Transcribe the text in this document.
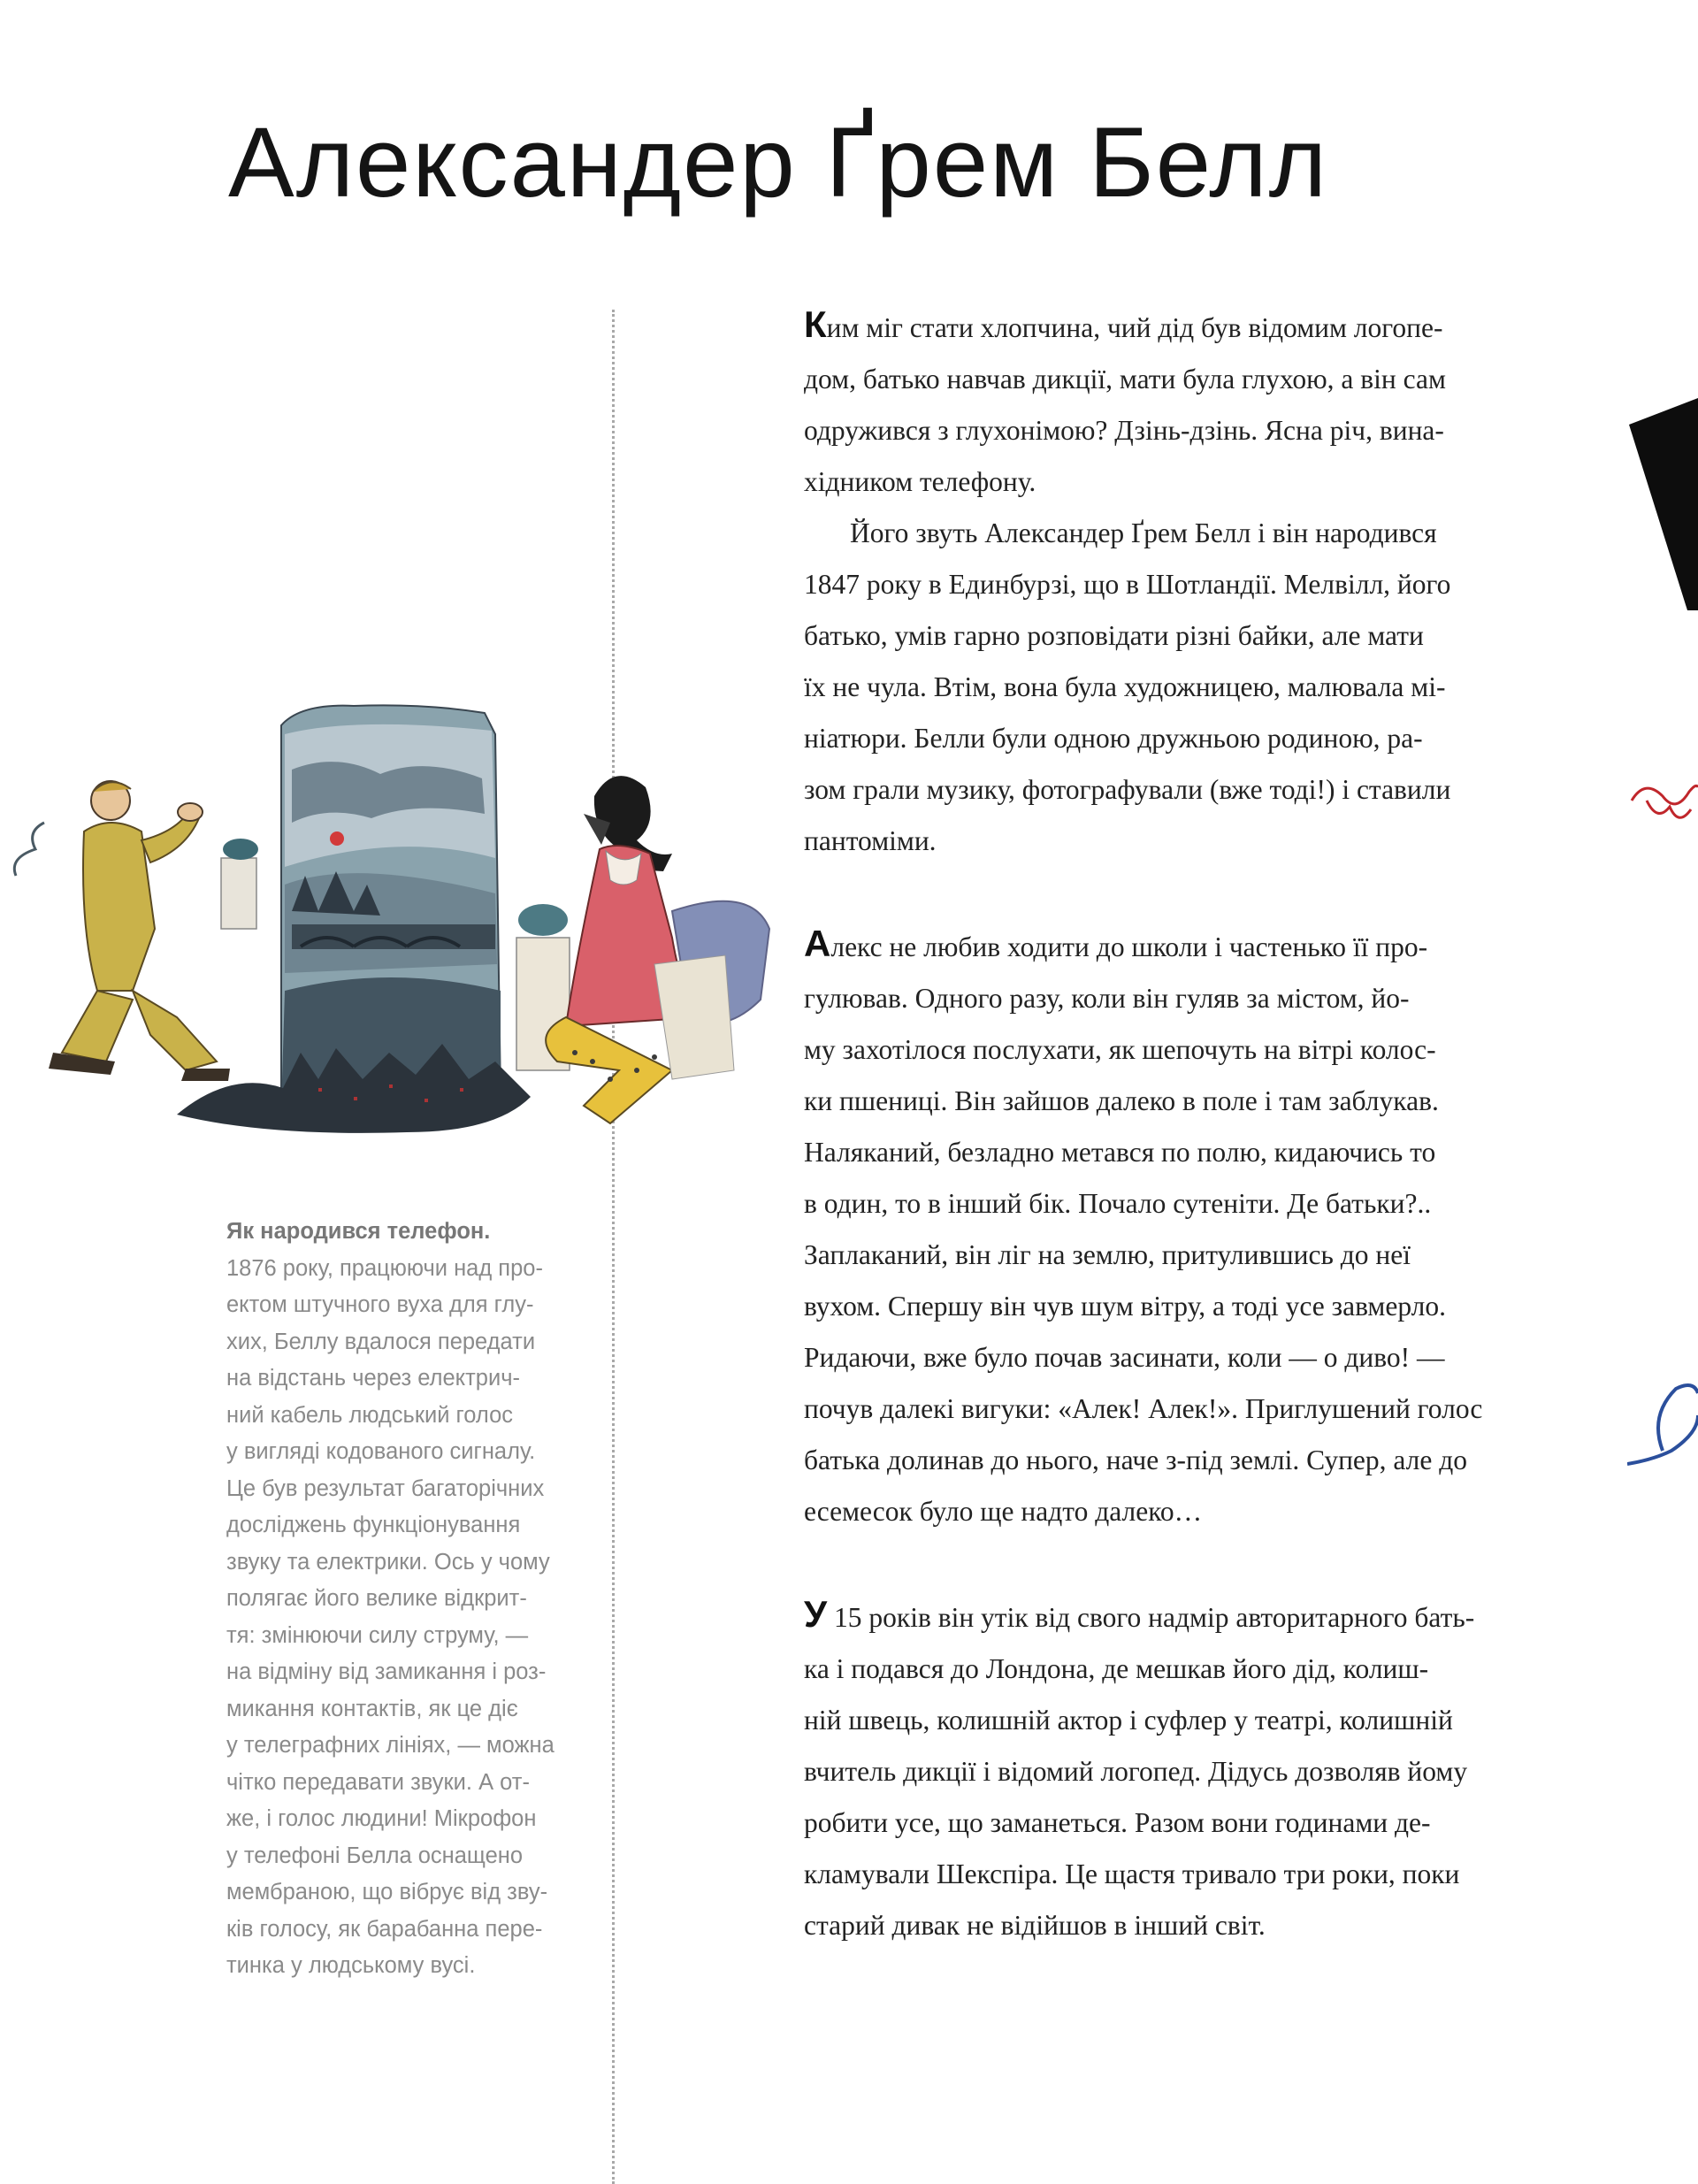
Александер Ґрем Белл
Як народився телефон.
1876 року, працюючи над про-
ектом штучного вуха для глу-
хих, Беллу вдалося передати
на відстань через електрич-
ний кабель людський голос
у вигляді кодованого сигналу.
Це був результат багаторічних
досліджень функціонування
звуку та електрики. Ось у чому
полягає його велике відкрит-
тя: змінюючи силу струму, —
на відміну від замикання і роз-
микання контактів, як це діє
у телеграфних лініях, — можна
чітко передавати звуки. А от-
же, і голос людини! Мікрофон
у телефоні Белла оснащено
мембраною, що вібрує від зву-
ків голосу, як барабанна пере-
тинка у людському вусі.

Ким міг стати хлопчина, чий дід був відомим логопе-
дом, батько навчав дикції, мати була глухою, а він сам
одружився з глухонімою? Дзінь-дзінь. Ясна річ, вина-
хідником телефону.

Його звуть Александер Ґрем Белл і він народився
1847 року в Единбурзі, що в Шотландії. Мелвілл, його
батько, умів гарно розповідати різні байки, але мати
їх не чула. Втім, вона була художницею, малювала мі-
ніатюри. Белли були одною дружньою родиною, ра-
зом грали музику, фотографували (вже тоді!) і ставили
пантоміми.

Алекс не любив ходити до школи і частенько її про-
гулював. Одного разу, коли він гуляв за містом, йо-
му захотілося послухати, як шепочуть на вітрі колос-
ки пшениці. Він зайшов далеко в поле і там заблукав.
Наляканий, безладно метався по полю, кидаючись то
в один, то в інший бік. Почало сутеніти. Де батьки?..
Заплаканий, він ліг на землю, притулившись до неї
вухом. Спершу він чув шум вітру, а тоді усе завмерло.
Ридаючи, вже було почав засинати, коли — о диво! —
почув далекі вигуки: «Алек! Алек!». Приглушений голос
батька долинав до нього, наче з-під землі. Супер, але до
есемесок було ще надто далеко…

У 15 років він утік від свого надмір авторитарного бать-
ка і подався до Лондона, де мешкав його дід, колиш-
ній швець, колишній актор і суфлер у театрі, колишній
вчитель дикції і відомий логопед. Дідусь дозволяв йому
робити усе, що заманеться. Разом вони годинами де-
кламували Шекспіра. Це щастя тривало три роки, поки
старий дивак не відійшов в інший світ.
